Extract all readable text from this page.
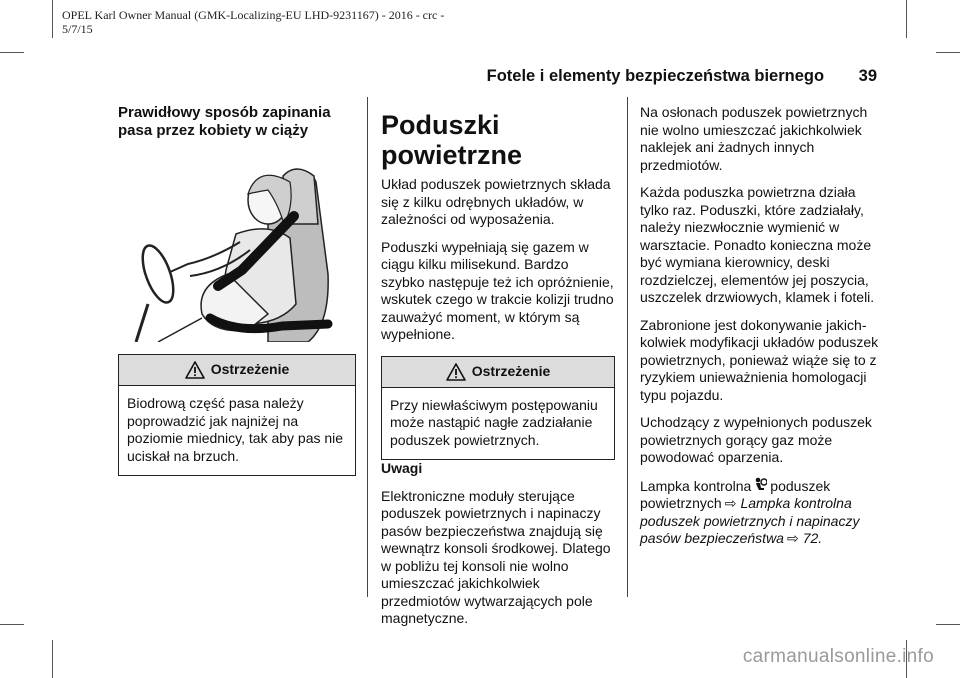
OPEL Karl Owner Manual (GMK-Localizing-EU LHD-9231167) - 2016 - crc -
5/7/15
Fotele i elementy bezpieczeństwa biernego 39
Prawidłowy sposób zapinania pasa przez kobiety w ciąży
Ostrzeżenie
Biodrową część pasa należy poprowadzić jak najniżej na poziomie miednicy, tak aby pas nie uciskał na brzuch.
Poduszki powietrzne

Układ poduszek powietrznych składa się z kilku odrębnych układów, w zależności od wyposażenia.

Poduszki wypełniają się gazem w ciągu kilku milisekund. Bardzo szybko następuje też ich opróżnienie, wskutek czego w trakcie kolizji trudno zauważyć moment, w którym są wypełnione.

Ostrzeżenie
Przy niewłaściwym postępowaniu może nastąpić nagłe zadziałanie poduszek powietrznych.

Uwagi

Elektroniczne moduły sterujące poduszek powietrznych i napinaczy pasów bezpieczeństwa znajdują się wewnątrz konsoli środkowej. Dlatego w pobliżu tej konsoli nie wolno umieszczać jakichkolwiek przedmiotów wytwarzających pole magnetyczne.

Na osłonach poduszek powietrznych nie wolno umieszczać jakichkolwiek naklejek ani żadnych innych przedmiotów.

Każda poduszka powietrzna działa tylko raz. Poduszki, które zadziałały, należy niezwłocznie wymienić w warsztacie. Ponadto konieczna może być wymiana kierownicy, deski rozdzielczej, elementów jej poszycia, uszczelek drzwiowych, klamek i foteli.

Zabronione jest dokonywanie jakichkolwiek modyfikacji układów poduszek powietrznych, ponieważ wiąże się to z ryzykiem unieważnienia homologacji typu pojazdu.

Uchodzący z wypełnionych poduszek powietrznych gorący gaz może powodować oparzenia.

Lampka kontrolna poduszek powietrznych ⇨ Lampka kontrolna poduszek powietrznych i napinaczy pasów bezpieczeństwa ⇨ 72.

carmanualsonline.info
